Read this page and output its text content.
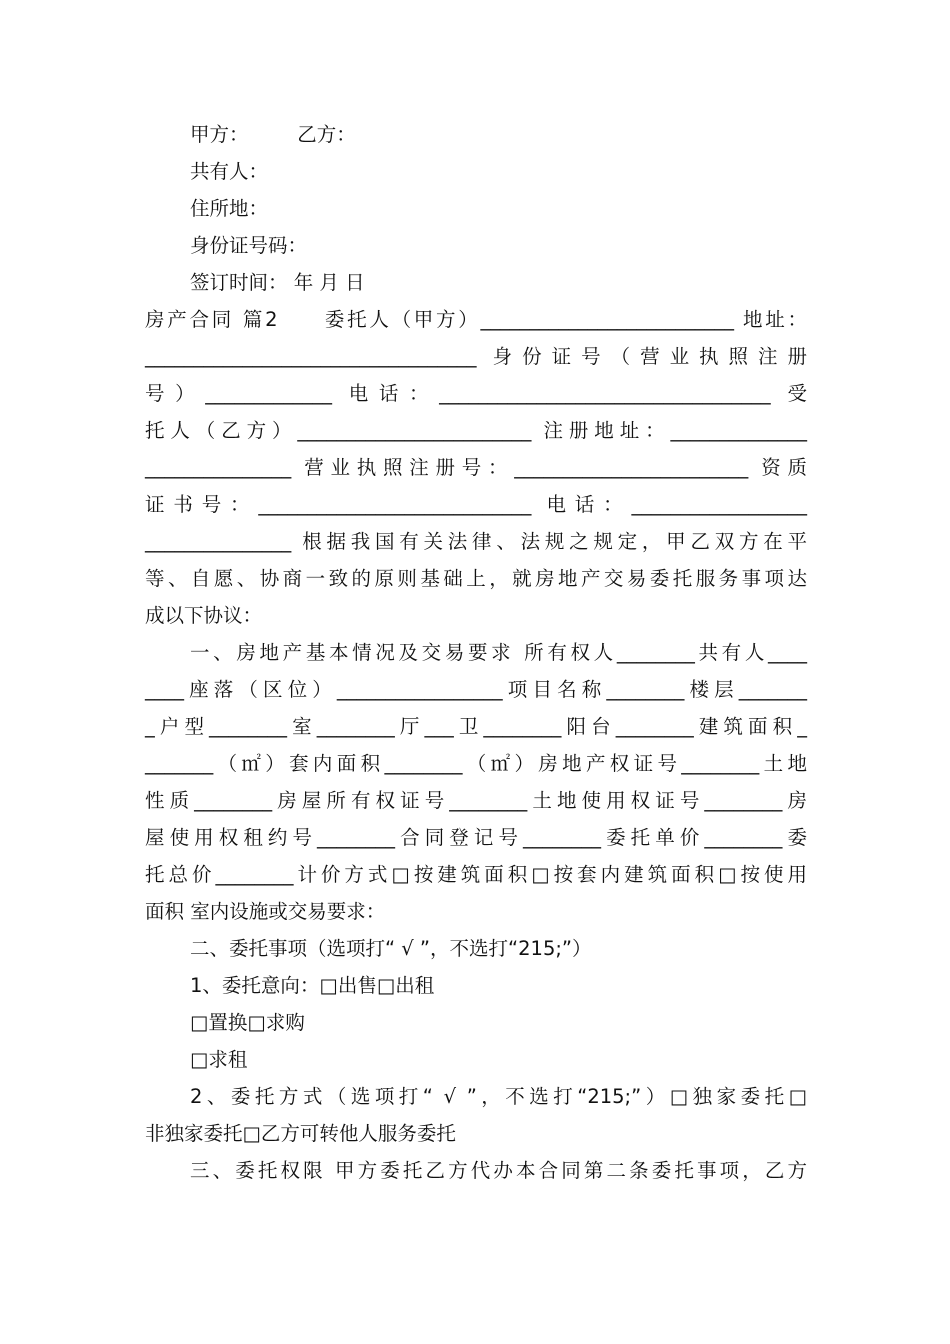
甲方：　　　乙方：
共有人：
住所地：
身份证号码：
签订时间： 年 月 日
房产合同 篇2　　委托人（甲方）__________________________ 地址：
__________________________________ 身份证号（营业执照注册
号）_____________ 电话：__________________________________ 受
托人（乙方）________________________ 注册地址：______________
_______________ 营业执照注册号：________________________ 资质
证书号：____________________________ 电话：__________________
_______________ 根据我国有关法律、法规之规定，甲乙双方在平
等、自愿、协商一致的原则基础上，就房地产交易委托服务事项达
成以下协议：
一、房地产基本情况及交易要求 所有权人________共有人____
____座落（区位）_________________项目名称________楼层_______
_户型________室________厅___卫________阳台________建筑面积_
_______（㎡）套内面积________（㎡）房地产权证号________土地
性质________房屋所有权证号________土地使用权证号________房
屋使用权租约号________合同登记号________委托单价________委
托总价________计价方式□按建筑面积□按套内建筑面积□按使用
面积 室内设施或交易要求：
二、委托事项（选项打“ √ ”，不选打“215;”）
1、委托意向：□出售□出租
□置换□求购
□求租
2、委托方式（选项打“ √ ”，不选打“215;”）□独家委托□
非独家委托□乙方可转他人服务委托
三、委托权限 甲方委托乙方代办本合同第二条委托事项，乙方
